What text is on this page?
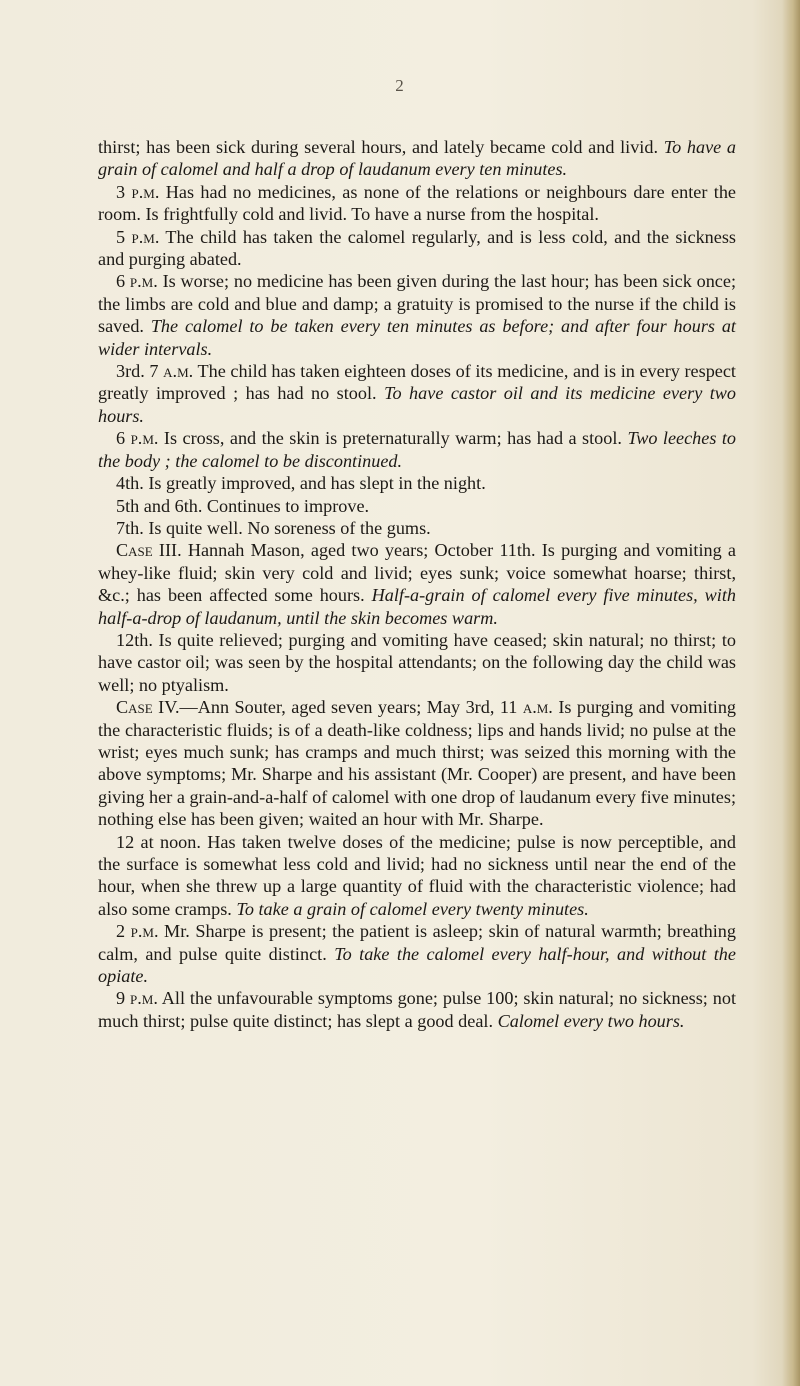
2

thirst; has been sick during several hours, and lately became cold and livid. To have a grain of calomel and half a drop of laudanum every ten minutes.

3 p.m. Has had no medicines, as none of the relations or neighbours dare enter the room. Is frightfully cold and livid. To have a nurse from the hospital.

5 p.m. The child has taken the calomel regularly, and is less cold, and the sickness and purging abated.

6 p.m. Is worse; no medicine has been given during the last hour; has been sick once; the limbs are cold and blue and damp; a gratuity is promised to the nurse if the child is saved. The calomel to be taken every ten minutes as before; and after four hours at wider intervals.

3rd. 7 a.m. The child has taken eighteen doses of its medicine, and is in every respect greatly improved ; has had no stool. To have castor oil and its medicine every two hours.

6 p.m. Is cross, and the skin is preternaturally warm; has had a stool. Two leeches to the body ; the calomel to be discontinued.

4th. Is greatly improved, and has slept in the night.

5th and 6th. Continues to improve.

7th. Is quite well. No soreness of the gums.

Case III. Hannah Mason, aged two years; October 11th. Is purging and vomiting a whey-like fluid; skin very cold and livid; eyes sunk; voice somewhat hoarse; thirst, &c.; has been affected some hours. Half-a-grain of calomel every five minutes, with half-a-drop of laudanum, until the skin becomes warm.

12th. Is quite relieved; purging and vomiting have ceased; skin natural; no thirst; to have castor oil; was seen by the hospital attendants; on the following day the child was well; no ptyalism.

Case IV.—Ann Souter, aged seven years; May 3rd, 11 a.m. Is purging and vomiting the characteristic fluids; is of a death-like coldness; lips and hands livid; no pulse at the wrist; eyes much sunk; has cramps and much thirst; was seized this morning with the above symptoms; Mr. Sharpe and his assistant (Mr. Cooper) are present, and have been giving her a grain-and-a-half of calomel with one drop of laudanum every five minutes; nothing else has been given; waited an hour with Mr. Sharpe.

12 at noon. Has taken twelve doses of the medicine; pulse is now perceptible, and the surface is somewhat less cold and livid; had no sickness until near the end of the hour, when she threw up a large quantity of fluid with the characteristic violence; had also some cramps. To take a grain of calomel every twenty minutes.

2 p.m. Mr. Sharpe is present; the patient is asleep; skin of natural warmth; breathing calm, and pulse quite distinct. To take the calomel every half-hour, and without the opiate.

9 p.m. All the unfavourable symptoms gone; pulse 100; skin natural; no sickness; not much thirst; pulse quite distinct; has slept a good deal. Calomel every two hours.
